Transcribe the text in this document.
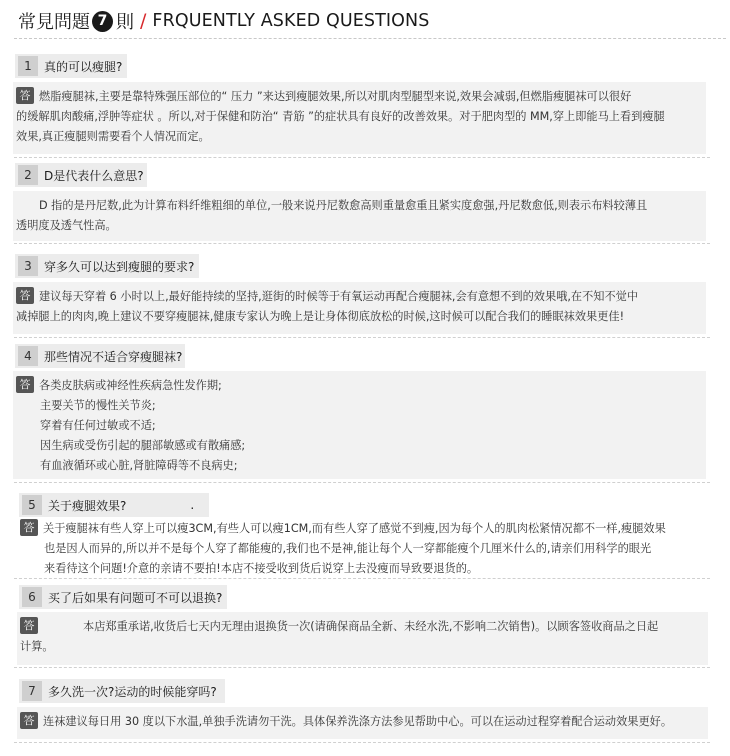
常見問題 7 則 / FRQUENTLY ASKED QUESTIONS
1	真的可以瘦腿?
答 燃脂瘦腿袜,主要是靠特殊强压部位的“ 压力 ”来达到瘦腿效果,所以对肌肉型腿型来说,效果会减弱,但燃脂瘦腿袜可以很好
的缓解肌肉酸痛,浮肿等症状 。所以,对于保健和防治“ 青筋 ”的症状具有良好的改善效果。对于肥肉型的 MM,穿上即能马上看到瘦腿
效果,真正瘦腿则需要看个人情况而定。
2	D是代表什么意思?
答 D 指的是丹尼数,此为计算布料纤维粗细的单位,一般来说丹尼数愈高则重量愈重且紧实度愈强,丹尼数愈低,则表示布料较薄且
透明度及透气性高。
3	穿多久可以达到瘦腿的要求?
答 建议每天穿着 6 小时以上,最好能持续的坚持,逛街的时候等于有氧运动再配合瘦腿袜,会有意想不到的效果哦,在不知不觉中
减掉腿上的肉肉,晚上建议不要穿瘦腿袜,健康专家认为晚上是让身体彻底放松的时候,这时候可以配合我们的睡眠袜效果更佳!
4	那些情况不适合穿瘦腿袜?
答 各类皮肤病或神经性疾病急性发作期;
主要关节的慢性关节炎;
穿着有任何过敏或不适;
因生病或受伤引起的腿部敏感或有散痛感;
有血液循环或心脏,肾脏障碍等不良病史;
5	关于瘦腿效果?	.
答 关于瘦腿袜有些人穿上可以瘦3CM,有些人可以瘦1CM,而有些人穿了感觉不到瘦,因为每个人的肌肉松紧情况都不一样,瘦腿效果
也是因人而异的,所以并不是每个人穿了都能瘦的,我们也不是神,能让每个人一穿都能瘦个几厘米什么的,请亲们用科学的眼光
来看待这个问题!介意的亲请不要拍!本店不接受收到货后说穿上去没瘦而导致要退货的。
6	买了后如果有问题可不可以退换?
答	本店郑重承诺,收货后七天内无理由退换货一次(请确保商品全新、未经水洗,不影响二次销售)。以顾客签收商品之日起
计算。
7	多久洗一次?运动的时候能穿吗?
答 连袜建议每日用 30 度以下水温,单独手洗请勿干洗。具体保养洗涤方法参见帮助中心。可以在运动过程穿着配合运动效果更好。
